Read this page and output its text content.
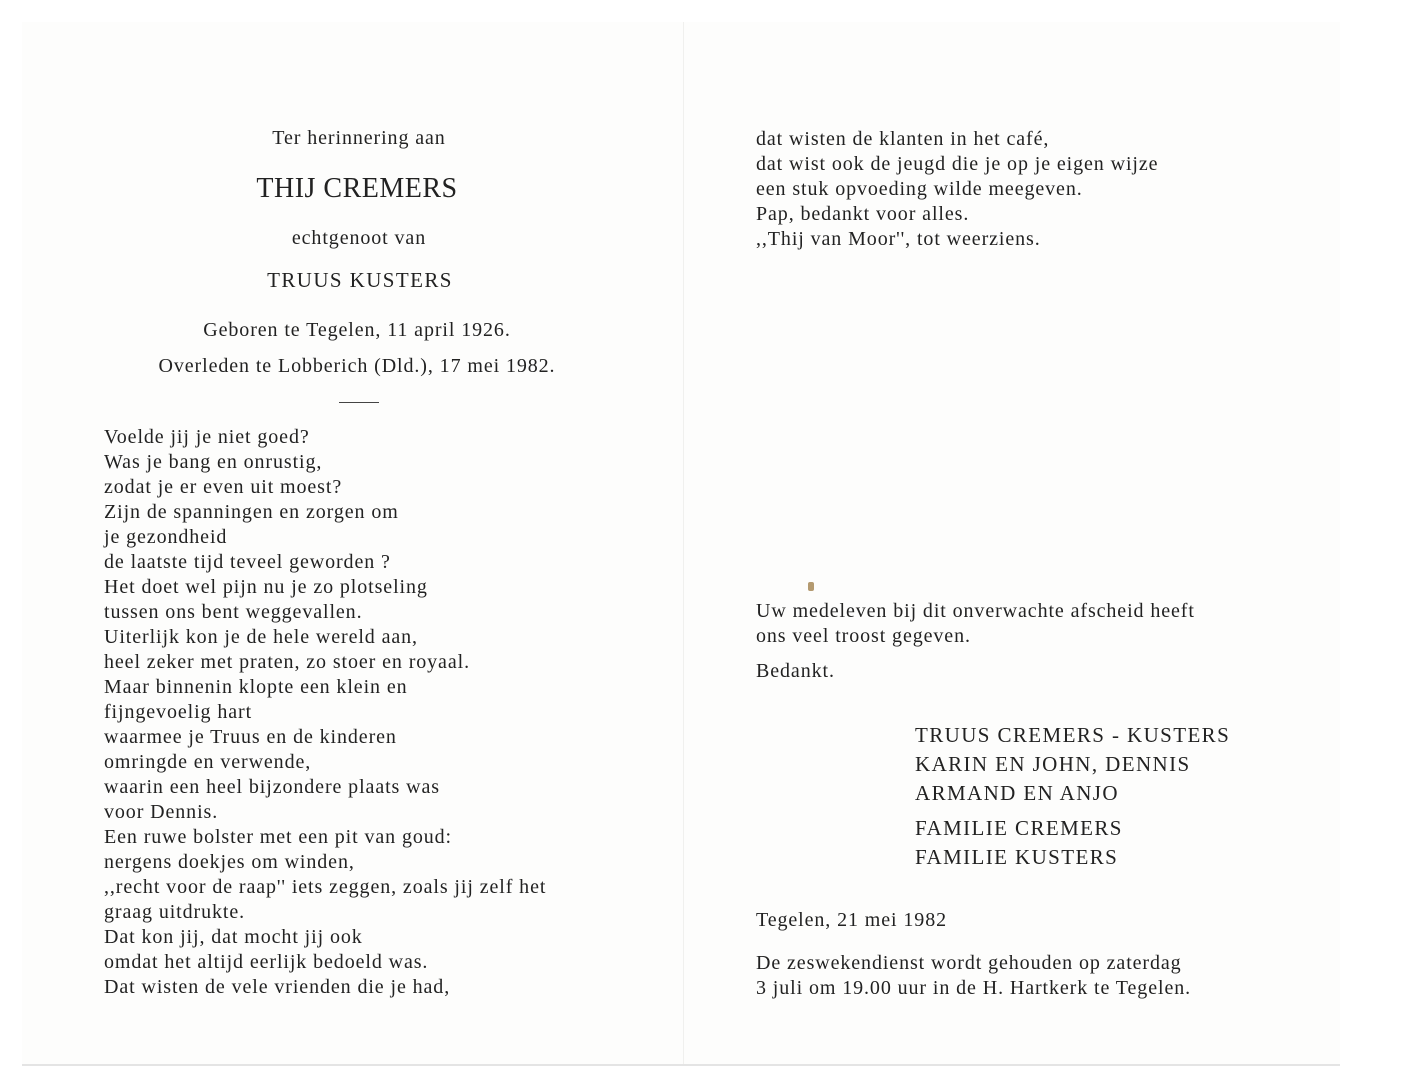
Ter herinnering aan
THIJ CREMERS
echtgenoot van
TRUUS KUSTERS
Geboren te Tegelen, 11 april 1926.
Overleden te Lobberich (Dld.), 17 mei 1982.
Voelde jij je niet goed?
Was je bang en onrustig,
zodat je er even uit moest?
Zijn de spanningen en zorgen om
je gezondheid
de laatste tijd teveel geworden ?
Het doet wel pijn nu je zo plotseling
tussen ons bent weggevallen.
Uiterlijk kon je de hele wereld aan,
heel zeker met praten, zo stoer en royaal.
Maar binnenin klopte een klein en
fijngevoelig hart
waarmee je Truus en de kinderen
omringde en verwende,
waarin een heel bijzondere plaats was
voor Dennis.
Een ruwe bolster met een pit van goud:
nergens doekjes om winden,
,,recht voor de raap'' iets zeggen, zoals jij zelf het
graag uitdrukte.
Dat kon jij, dat mocht jij ook
omdat het altijd eerlijk bedoeld was.
Dat wisten de vele vrienden die je had,
dat wisten de klanten in het café,
dat wist ook de jeugd die je op je eigen wijze
een stuk opvoeding wilde meegeven.
Pap, bedankt voor alles.
,,Thij van Moor'', tot weerziens.
Uw medeleven bij dit onverwachte afscheid heeft
ons veel troost gegeven.
Bedankt.
TRUUS CREMERS - KUSTERS
KARIN EN JOHN, DENNIS
ARMAND EN ANJO
FAMILIE CREMERS
FAMILIE KUSTERS
Tegelen, 21 mei 1982
De zeswekendienst wordt gehouden op zaterdag
3 juli om 19.00 uur in de H. Hartkerk te Tegelen.
